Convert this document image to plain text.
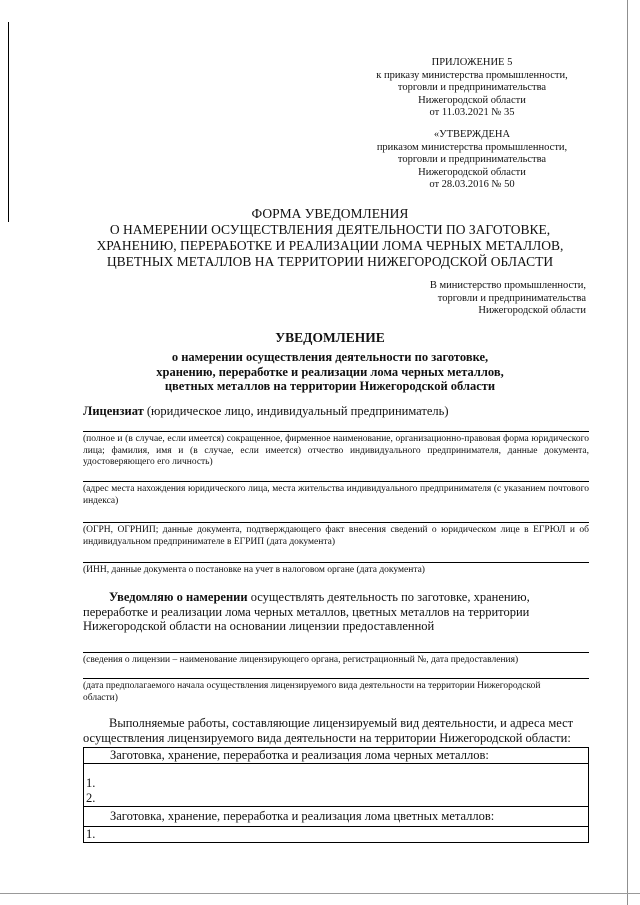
ПРИЛОЖЕНИЕ 5
к приказу министерства промышленности,
торговли и предпринимательства
Нижегородской области
от 11.03.2021 № 35
«УТВЕРЖДЕНА
приказом министерства промышленности,
торговли и предпринимательства
Нижегородской области
от 28.03.2016 № 50
ФОРМА УВЕДОМЛЕНИЯ
О НАМЕРЕНИИ ОСУЩЕСТВЛЕНИЯ ДЕЯТЕЛЬНОСТИ ПО ЗАГОТОВКЕ,
ХРАНЕНИЮ, ПЕРЕРАБОТКЕ И РЕАЛИЗАЦИИ ЛОМА ЧЕРНЫХ МЕТАЛЛОВ,
ЦВЕТНЫХ МЕТАЛЛОВ НА ТЕРРИТОРИИ НИЖЕГОРОДСКОЙ ОБЛАСТИ
В министерство промышленности,
торговли и предпринимательства
Нижегородской области
УВЕДОМЛЕНИЕ
о намерении осуществления деятельности по заготовке,
хранению, переработке и реализации лома черных металлов,
цветных металлов на территории Нижегородской области
Лицензиат (юридическое лицо, индивидуальный предприниматель)
(полное и (в случае, если имеется) сокращенное, фирменное наименование, организационно-правовая форма юридического лица; фамилия, имя и (в случае, если имеется) отчество индивидуального предпринимателя, данные документа, удостоверяющего его личность)
(адрес места нахождения юридического лица, места жительства индивидуального предпринимателя (с указанием почтового индекса)
(ОГРН, ОГРНИП; данные документа, подтверждающего факт внесения сведений о юридическом лице в ЕГРЮЛ и об индивидуальном предпринимателе в ЕГРИП (дата документа)
(ИНН, данные документа о постановке на учет в налоговом органе (дата документа)
Уведомляю о намерении осуществлять деятельность по заготовке, хранению,
переработке и реализации лома черных металлов, цветных металлов на территории
Нижегородской области на основании лицензии предоставленной
(сведения о лицензии – наименование лицензирующего органа, регистрационный №, дата предоставления)
(дата предполагаемого начала осуществления лицензируемого вида деятельности на территории Нижегородской области)
Выполняемые работы, составляющие лицензируемый вид деятельности, и адреса мест
осуществления лицензируемого вида деятельности на территории Нижегородской области:
Заготовка, хранение, переработка и реализация лома черных металлов:

1.
2.

Заготовка, хранение, переработка и реализация лома цветных металлов:

1.
